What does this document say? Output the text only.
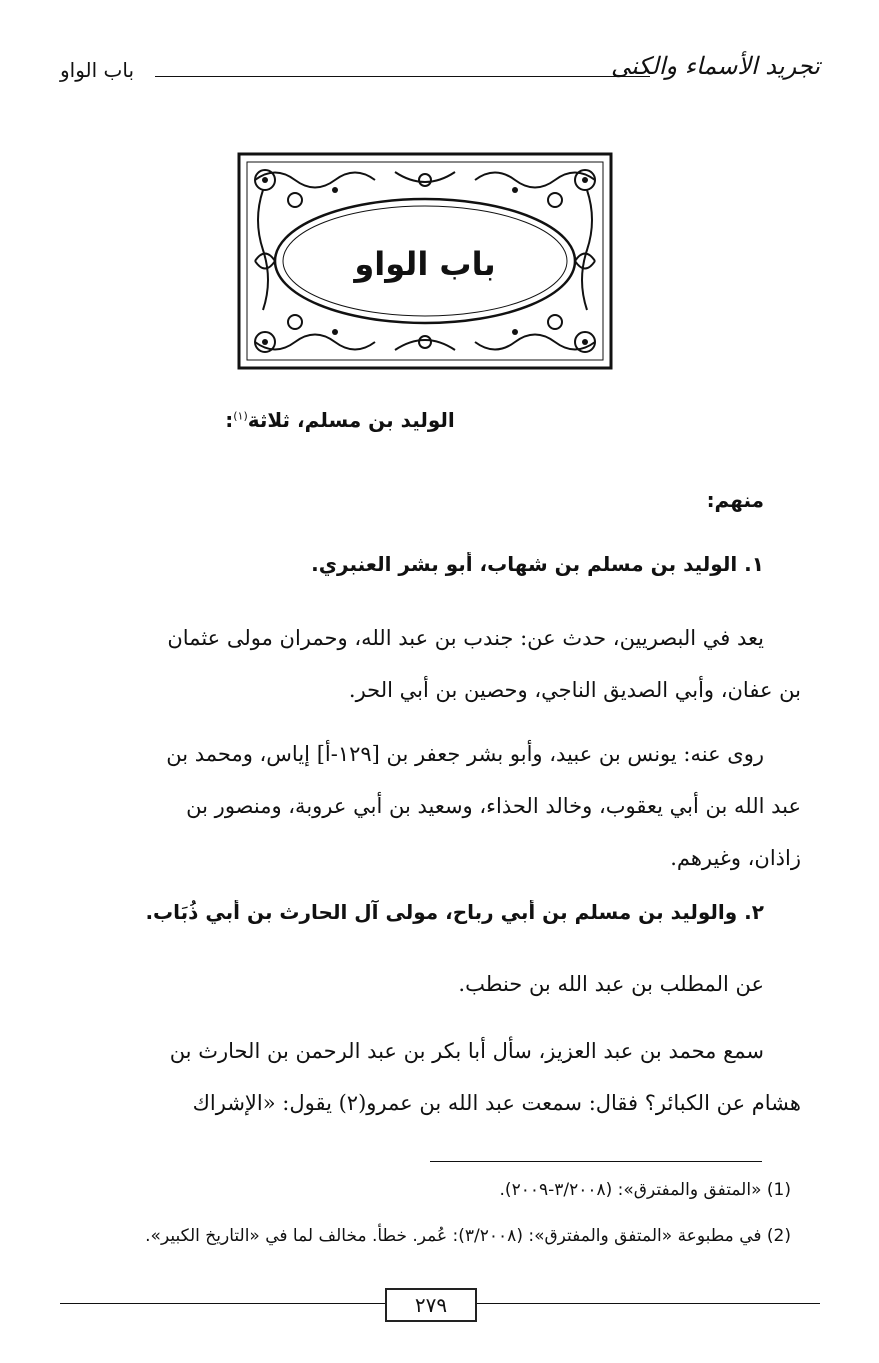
تجريد الأسماء والكنى
باب الواو
باب الواو
الوليد بن مسلم، ثلاثة$^{(١)}$:
منهم:
١. الوليد بن مسلم بن شهاب، أبو بشر العنبري.
يعد في البصريين، حدث عن: جندب بن عبد الله، وحمران مولى عثمان
بن عفان، وأبي الصديق الناجي، وحصين بن أبي الحر.
روى عنه: يونس بن عبيد، وأبو بشر جعفر بن [١٢٩-أ] إياس، ومحمد بن
عبد الله بن أبي يعقوب، وخالد الحذاء، وسعيد بن أبي عروبة، ومنصور بن
زاذان، وغيرهم.
٢. والوليد بن مسلم بن أبي رباح، مولى آل الحارث بن أبي ذُبَاب.
عن المطلب بن عبد الله بن حنطب.
سمع محمد بن عبد العزيز، سأل أبا بكر بن عبد الرحمن بن الحارث بن
هشام عن الكبائر؟ فقال: سمعت عبد الله بن عمرو(٢) يقول: «الإشراك
(1) «المتفق والمفترق»: (٣/٢٠٠٨-٢٠٠٩).
(2) في مطبوعة «المتفق والمفترق»: (٣/٢٠٠٨): عُمر. خطأ. مخالف لما في «التاريخ الكبير».
٢٧٩
